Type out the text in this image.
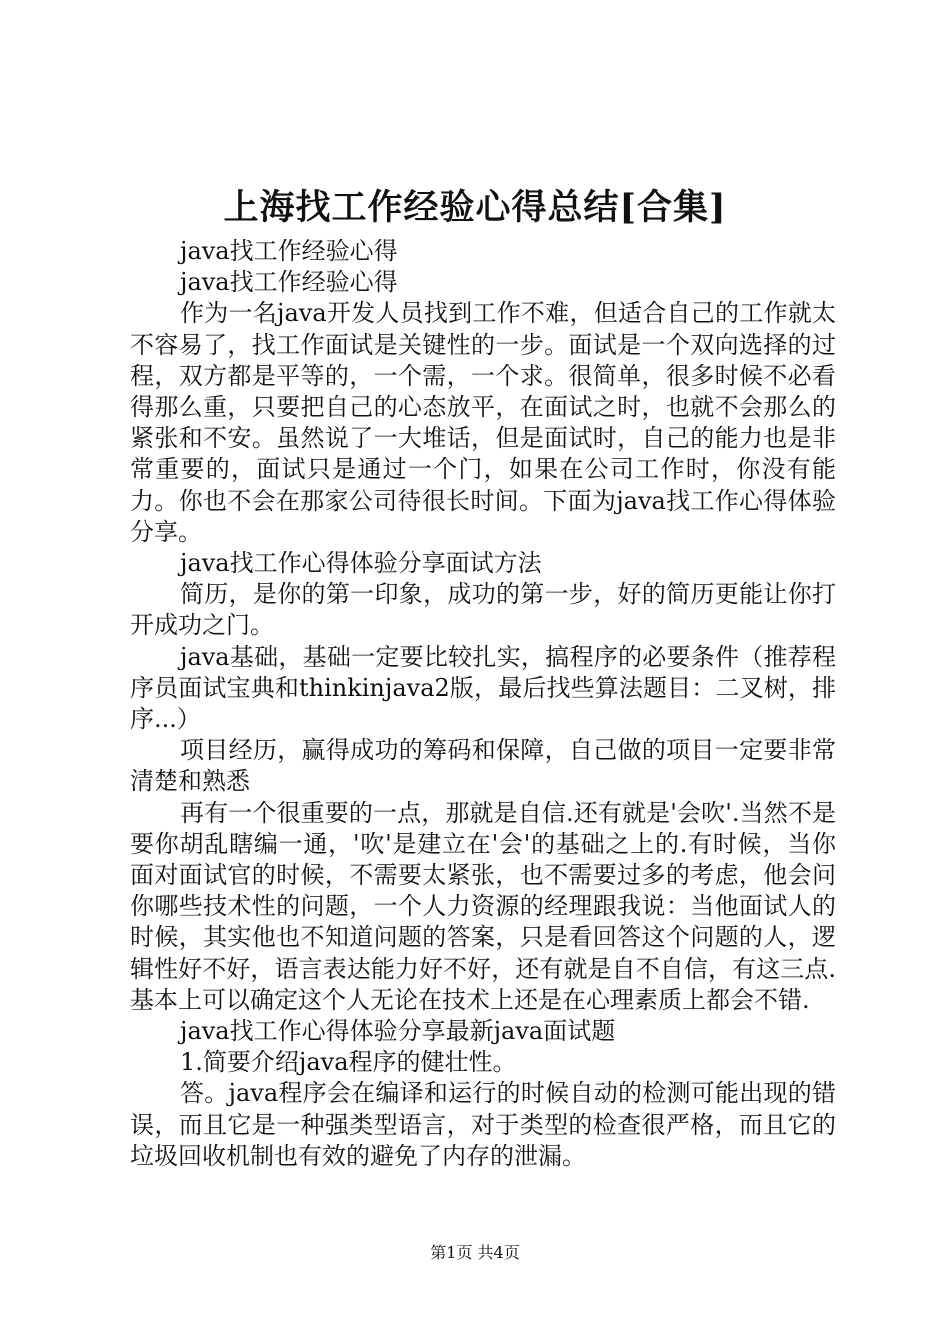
上海找工作经验心得总结[合集]

java找工作经验心得

java找工作经验心得

作为一名java开发人员找到工作不难，但适合自己的工作就太不容易了，找工作面试是关键性的一步。面试是一个双向选择的过程，双方都是平等的，一个需，一个求。很简单，很多时候不必看得那么重，只要把自己的心态放平，在面试之时，也就不会那么的紧张和不安。虽然说了一大堆话，但是面试时，自己的能力也是非常重要的，面试只是通过一个门，如果在公司工作时，你没有能力。你也不会在那家公司待很长时间。下面为java找工作心得体验分享。

java找工作心得体验分享面试方法

简历，是你的第一印象，成功的第一步，好的简历更能让你打开成功之门。

java基础，基础一定要比较扎实，搞程序的必要条件（推荐程序员面试宝典和thinkinjava2版，最后找些算法题目：二叉树，排序...）

项目经历，赢得成功的筹码和保障，自己做的项目一定要非常清楚和熟悉

再有一个很重要的一点，那就是自信.还有就是'会吹'.当然不是要你胡乱瞎编一通，'吹'是建立在'会'的基础之上的.有时候，当你面对面试官的时候，不需要太紧张，也不需要过多的考虑，他会问你哪些技术性的问题，一个人力资源的经理跟我说：当他面试人的时候，其实他也不知道问题的答案，只是看回答这个问题的人，逻辑性好不好，语言表达能力好不好，还有就是自不自信，有这三点.基本上可以确定这个人无论在技术上还是在心理素质上都会不错.

java找工作心得体验分享最新java面试题

1.简要介绍java程序的健壮性。

答。java程序会在编译和运行的时候自动的检测可能出现的错误，而且它是一种强类型语言，对于类型的检查很严格，而且它的垃圾回收机制也有效的避免了内存的泄漏。

第1页 共4页
